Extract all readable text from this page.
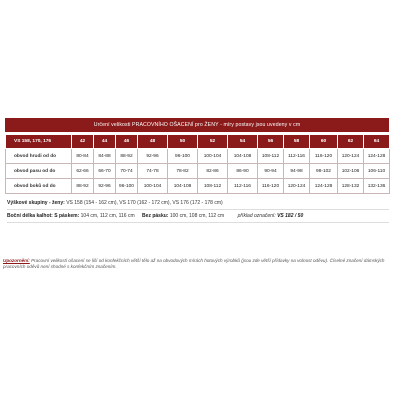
Určení velikosti PRACOVNÍHO OŠACENÍ pro ŽENY - míry postavy jsou uvedeny v cm
VS 158, 170, 176	42	44	46	48	50	52	54	56	58	60	62	64
obvod hrudi od do	80-84	84-88	88-92	92-96	96-100	100-104	104-108	108-112	112-116	116-120	120-124	124-128
obvod pasu od do	62-66	66-70	70-74	74-78	78-82	82-86	86-90	90-94	94-98	98-102	102-106	106-110
obvod boků od do	88-92	92-96	96-100	100-104	104-108	108-112	112-116	116-120	120-124	124-128	128-132	132-136
Výškové skupiny - ženy: VS 158 (154 - 162 cm), VS 170 (162 - 172 cm), VS 176 (172 - 178 cm)
Boční délka kalhot: S páskem: 104 cm, 112 cm, 116 cm Bez pásku: 100 cm, 108 cm, 112 cm	příklad označení: VS 182 / 50
Upozornění: Pracovní velikostí ošacení se liší od konfekčních větší tělo až na obvodových mírách hotových výrobků (jsou zde větší přídavky na volnost oděvu). Číselné značení dámských pracovních oděvů není shodné s konfekčním značením.
